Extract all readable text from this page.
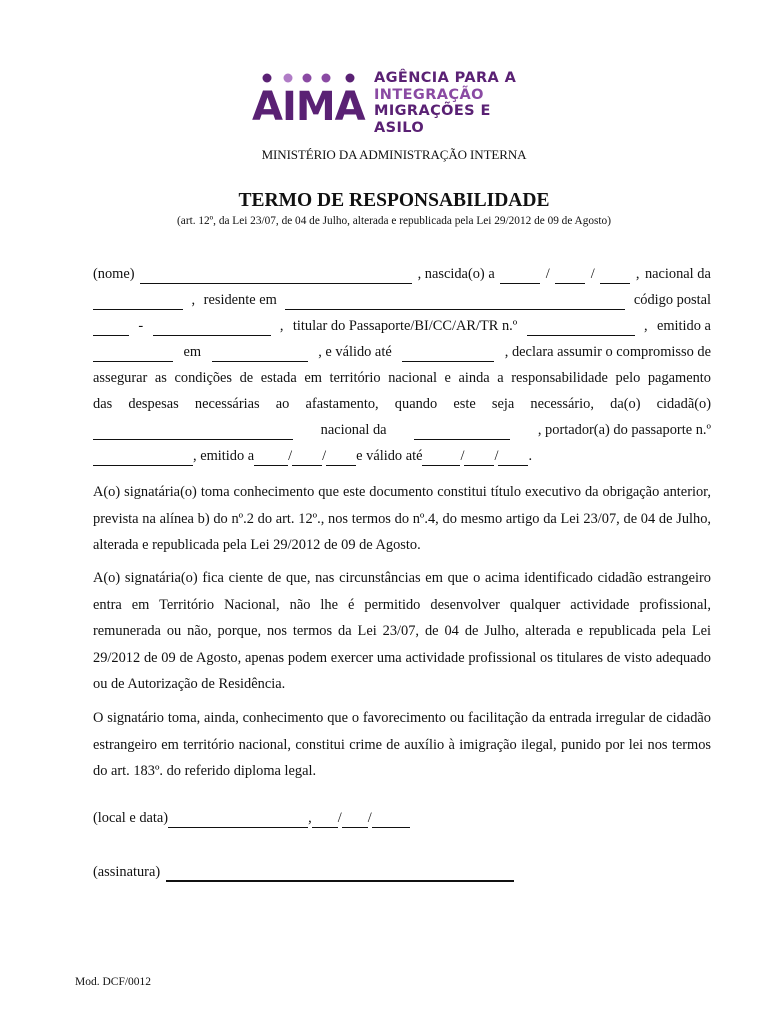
AIMA
AGÊNCIA PARA A
INTEGRAÇÃO
MIGRAÇÕES E ASILO
MINISTÉRIO DA ADMINISTRAÇÃO INTERNA
TERMO DE RESPONSABILIDADE
(art. 12º, da Lei 23/07, de 04 de Julho, alterada e republicada pela Lei 29/2012 de 09 de Agosto)
(nome)	, nascida(o) a	/	/	, nacional da
, residente em	código postal
-	, titular do Passaporte/BI/CC/AR/TR n.º	, emitido a
em	, e válido até	, declara assumir o compromisso de
assegurar as condições de estada em território nacional e ainda a responsabilidade pelo pagamento
das despesas necessárias ao afastamento, quando este seja necessário, da(o) cidadã(o)
nacional da	, portador(a) do passaporte n.º
, emitido a / / e válido até	/ / .
A(o) signatária(o) toma conhecimento que este documento constitui título executivo da obrigação anterior, prevista na alínea b) do nº.2 do art. 12º., nos termos do nº.4, do mesmo artigo da Lei 23/07, de 04 de Julho, alterada e republicada pela Lei 29/2012 de 09 de Agosto.
A(o) signatária(o) fica ciente de que, nas circunstâncias em que o acima identificado cidadão estrangeiro entra em Território Nacional, não lhe é permitido desenvolver qualquer actividade profissional, remunerada ou não, porque, nos termos da Lei 23/07, de 04 de Julho, alterada e republicada pela Lei 29/2012 de 09 de Agosto, apenas podem exercer uma actividade profissional os titulares de visto adequado ou de Autorização de Residência.
O signatário toma, ainda, conhecimento que o favorecimento ou facilitação da entrada irregular de cidadão estrangeiro em território nacional, constitui crime de auxílio à imigração ilegal, punido por lei nos termos do art. 183º. do referido diploma legal.
(local e data)	, / /
(assinatura)
Mod. DCF/0012
